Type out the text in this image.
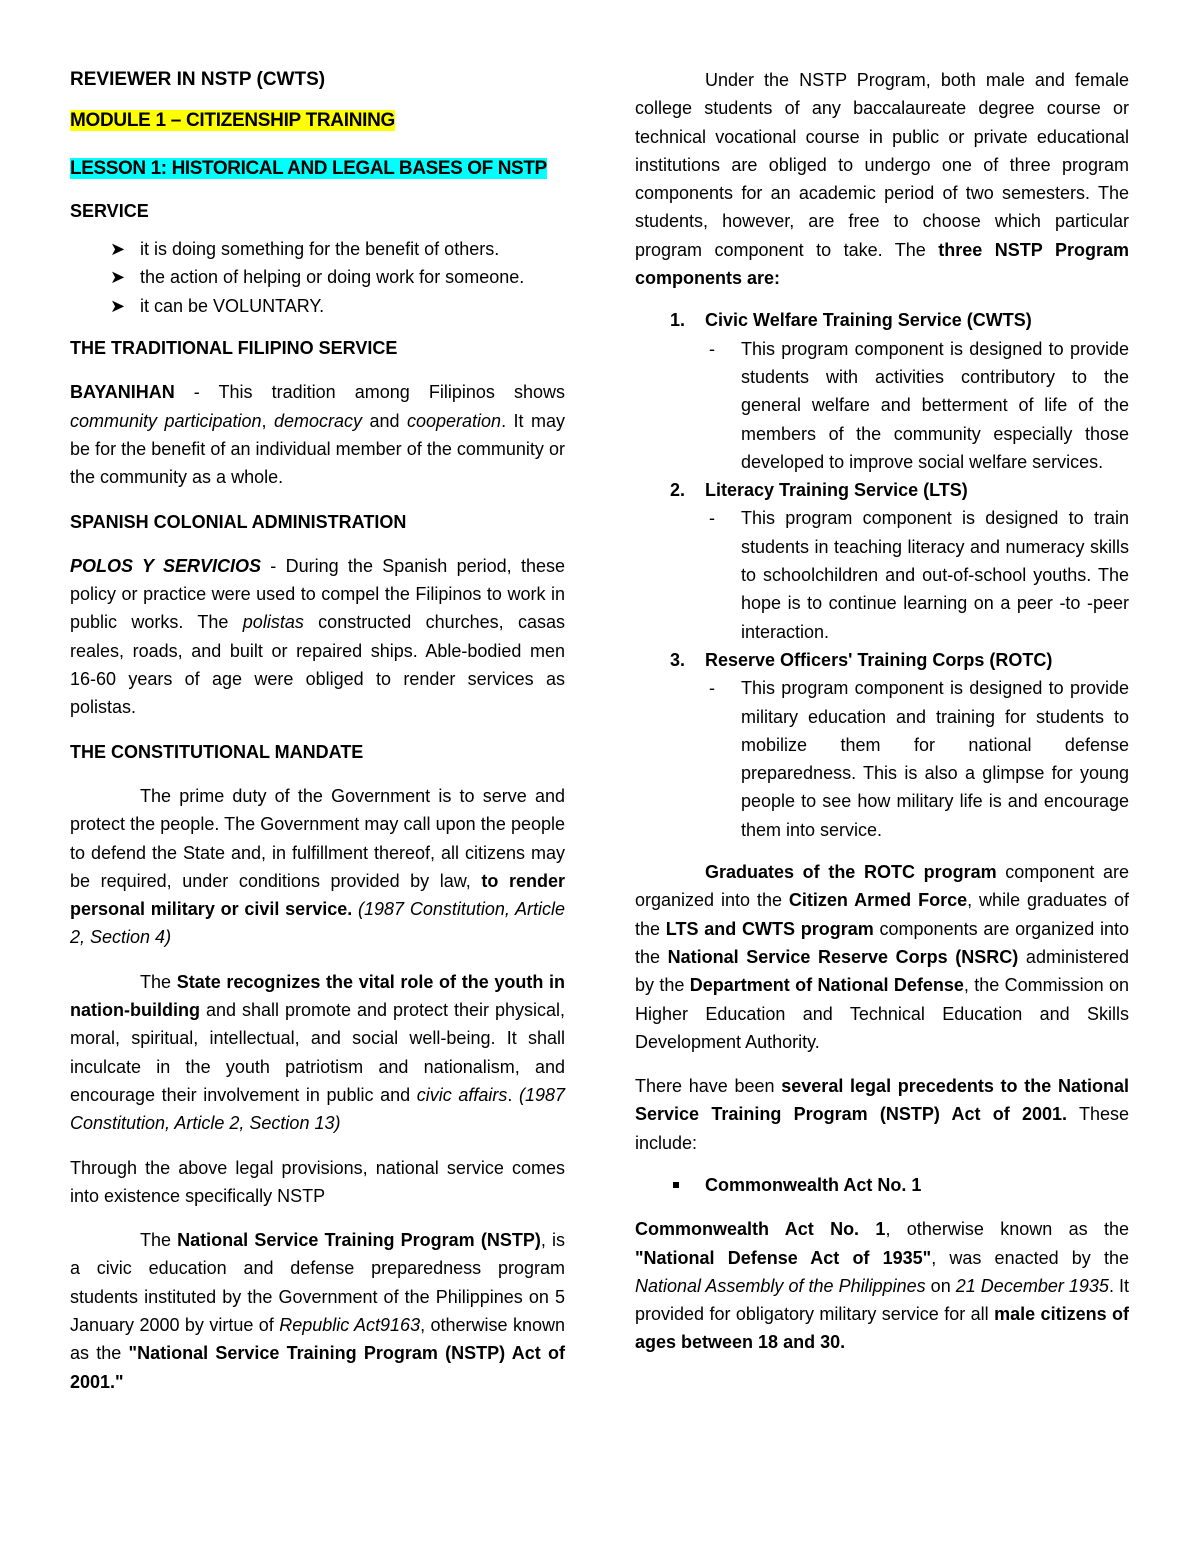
REVIEWER IN NSTP (CWTS)

MODULE 1 – CITIZENSHIP TRAINING

LESSON 1: HISTORICAL AND LEGAL BASES OF NSTP

SERVICE

➤ it is doing something for the benefit of others.
➤ the action of helping or doing work for someone.
➤ it can be VOLUNTARY.

THE TRADITIONAL FILIPINO SERVICE

BAYANIHAN - This tradition among Filipinos shows community participation, democracy and cooperation. It may be for the benefit of an individual member of the community or the community as a whole.

SPANISH COLONIAL ADMINISTRATION

POLOS Y SERVICIOS - During the Spanish period, these policy or practice were used to compel the Filipinos to work in public works. The polistas constructed churches, casas reales, roads, and built or repaired ships. Able-bodied men 16-60 years of age were obliged to render services as polistas.

THE CONSTITUTIONAL MANDATE

The prime duty of the Government is to serve and protect the people. The Government may call upon the people to defend the State and, in fulfillment thereof, all citizens may be required, under conditions provided by law, to render personal military or civil service. (1987 Constitution, Article 2, Section 4)

The State recognizes the vital role of the youth in nation-building and shall promote and protect their physical, moral, spiritual, intellectual, and social well-being. It shall inculcate in the youth patriotism and nationalism, and encourage their involvement in public and civic affairs. (1987 Constitution, Article 2, Section 13)

Through the above legal provisions, national service comes into existence specifically NSTP

The National Service Training Program (NSTP), is a civic education and defense preparedness program students instituted by the Government of the Philippines on 5 January 2000 by virtue of Republic Act9163, otherwise known as the "National Service Training Program (NSTP) Act of 2001."

Under the NSTP Program, both male and female college students of any baccalaureate degree course or technical vocational course in public or private educational institutions are obliged to undergo one of three program components for an academic period of two semesters. The students, however, are free to choose which particular program component to take. The three NSTP Program components are:

1. Civic Welfare Training Service (CWTS)
- This program component is designed to provide students with activities contributory to the general welfare and betterment of life of the members of the community especially those developed to improve social welfare services.
2. Literacy Training Service (LTS)
- This program component is designed to train students in teaching literacy and numeracy skills to schoolchildren and out-of-school youths. The hope is to continue learning on a peer -to -peer interaction.
3. Reserve Officers' Training Corps (ROTC)
- This program component is designed to provide military education and training for students to mobilize them for national defense preparedness. This is also a glimpse for young people to see how military life is and encourage them into service.

Graduates of the ROTC program component are organized into the Citizen Armed Force, while graduates of the LTS and CWTS program components are organized into the National Service Reserve Corps (NSRC) administered by the Department of National Defense, the Commission on Higher Education and Technical Education and Skills Development Authority.

There have been several legal precedents to the National Service Training Program (NSTP) Act of 2001. These include:

Commonwealth Act No. 1

Commonwealth Act No. 1, otherwise known as the "National Defense Act of 1935", was enacted by the National Assembly of the Philippines on 21 December 1935. It provided for obligatory military service for all male citizens of ages between 18 and 30.
